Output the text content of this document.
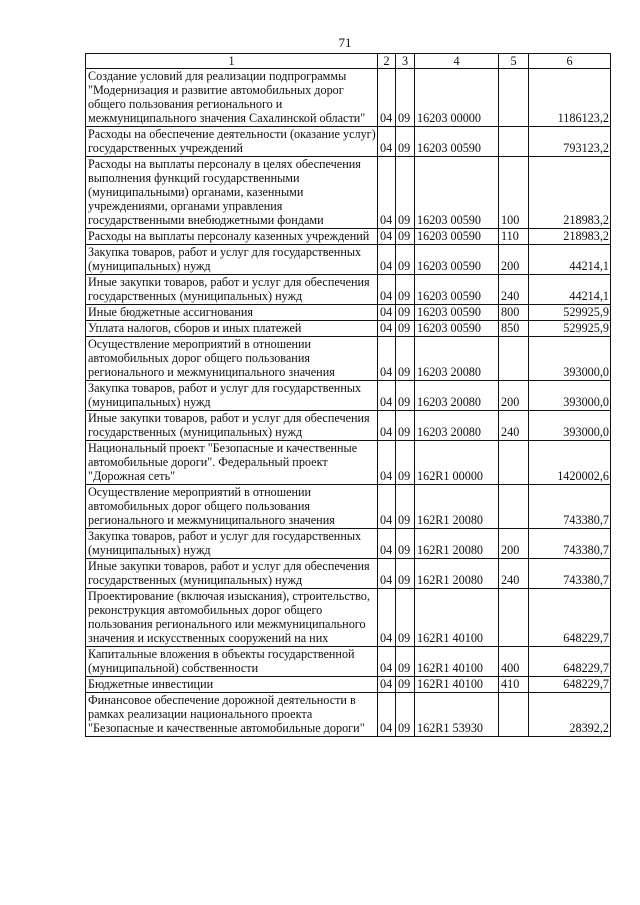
71
1	2	3	4	5	6
Создание условий для реализации подпрограммы "Модернизация и развитие автомобильных дорог общего пользования регионального и межмуниципального значения Сахалинской области"	04	09	16203 00000		1186123,2
Расходы на обеспечение деятельности (оказание услуг) государственных учреждений	04	09	16203 00590		793123,2
Расходы на выплаты персоналу в целях обеспечения выполнения функций государственными (муниципальными) органами, казенными учреждениями, органами управления государственными внебюджетными фондами	04	09	16203 00590	100	218983,2
Расходы на выплаты персоналу казенных учреждений	04	09	16203 00590	110	218983,2
Закупка товаров, работ и услуг для государственных (муниципальных) нужд	04	09	16203 00590	200	44214,1
Иные закупки товаров, работ и услуг для обеспечения государственных (муниципальных) нужд	04	09	16203 00590	240	44214,1
Иные бюджетные ассигнования	04	09	16203 00590	800	529925,9
Уплата налогов, сборов и иных платежей	04	09	16203 00590	850	529925,9
Осуществление мероприятий в отношении автомобильных дорог общего пользования регионального и межмуниципального значения	04	09	16203 20080		393000,0
Закупка товаров, работ и услуг для государственных (муниципальных) нужд	04	09	16203 20080	200	393000,0
Иные закупки товаров, работ и услуг для обеспечения государственных (муниципальных) нужд	04	09	16203 20080	240	393000,0
Национальный проект "Безопасные и качественные автомобильные дороги". Федеральный проект "Дорожная сеть"	04	09	162R1 00000		1420002,6
Осуществление мероприятий в отношении автомобильных дорог общего пользования регионального и межмуниципального значения	04	09	162R1 20080		743380,7
Закупка товаров, работ и услуг для государственных (муниципальных) нужд	04	09	162R1 20080	200	743380,7
Иные закупки товаров, работ и услуг для обеспечения государственных (муниципальных) нужд	04	09	162R1 20080	240	743380,7
Проектирование (включая изыскания), строительство, реконструкция автомобильных дорог общего пользования регионального или межмуниципального значения и искусственных сооружений на них	04	09	162R1 40100		648229,7
Капитальные вложения в объекты государственной (муниципальной) собственности	04	09	162R1 40100	400	648229,7
Бюджетные инвестиции	04	09	162R1 40100	410	648229,7
Финансовое обеспечение дорожной деятельности в рамках реализации национального проекта "Безопасные и качественные автомобильные дороги"	04	09	162R1 53930		28392,2
